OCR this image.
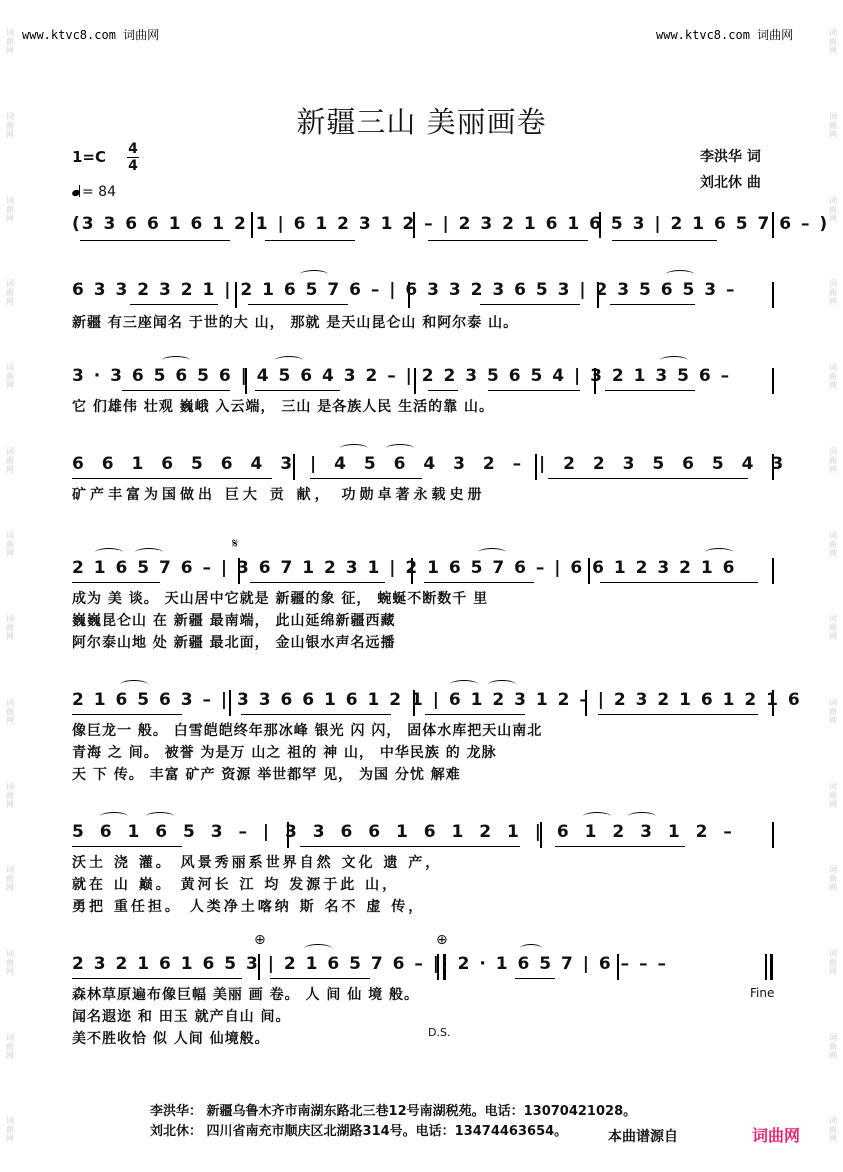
词
曲
网
词
曲
网
词
曲
网
词
曲
网
词
曲
网
词
曲
网
词
曲
网
词
曲
网
词
曲
网
词
曲
网
词
曲
网
词
曲
网
词
曲
网
词
曲
网
词
曲
网
词
曲
网
词
曲
网
词
曲
网
词
曲
网
词
曲
网
词
曲
网
词
曲
网
词
曲
网
词
曲
网
词
曲
网
词
曲
网
词
曲
网
词
曲
网
www.ktvc8.com 词曲网	www.ktvc8.com 词曲网
新疆三山 美丽画卷
李洪华 词
刘北休 曲
1=C 4
4
= 84
(3 3 6 6 1 6 1 2 1 | 6 1 2 3 1 2 – | 2 3 2 1 6 1 6 5 3 | 2 1 6 5 7 6 – )
6 3 3 2 3 2 1 | 2 1 6 5 7 6 – | 6 3 3 2 3 6 5 3 | 2 3 5 6 5 3 –
新疆 有三座闻名 于世的大 山， 那就 是天山昆仑山 和阿尔泰 山。
3 · 3 6 5 6 5 6 | 4 5 6 4 3 2 – | 2 2 3 5 6 5 4 | 3 2 1 3 5 6 –
它 们雄伟 壮观 巍峨 入云端， 三山 是各族人民 生活的靠 山。
6 6 1 6 5 6 4 3 | 4 5 6 4 3 2 – | 2 2 3 5 6 5 4 3
矿产丰富为国做出 巨大 贡 献， 功勋卓著永载史册
𝄋
2 1 6 5 7 6 – | 3 6 7 1 2 3 1 | 2 1 6 5 7 6 – | 6 6 1 2 3 2 1 6
成为 美 谈。 天山居中它就是 新疆的象 征， 蜿蜒不断数千 里
巍巍昆仑山 在 新疆 最南端， 此山延绵新疆西藏
阿尔泰山地 处 新疆 最北面， 金山银水声名远播
2 1 6 5 6 3 – | 3 3 6 6 1 6 1 2 1 | 6 1 2 3 1 2 – | 2 3 2 1 6 1 2 1 6
像巨龙一 般。 白雪皑皑终年那冰峰 银光 闪 闪， 固体水库把天山南北
青海 之 间。 被誉 为是万 山之 祖的 神 山， 中华民族 的 龙脉
天 下 传。 丰富 矿产 资源 举世都罕 见， 为国 分忧 解难
5 6 1 6 5 3 – | 3 3 6 6 1 6 1 2 1 | 6 1 2 3 1 2 –
沃土 浇 灌。 风景秀丽系世界自然 文化 遗 产，
就在 山 巅。 黄河长 江 均 发源于此 山，
勇把 重任担。 人类净土喀纳 斯 名不 虚 传，
⊕	⊕
2 3 2 1 6 1 6 5 3 | 2 1 6 5 7 6 – |: 2 · 1 6 5 7 | 6 – – –
森林草原遍布像巨幅 美丽 画 卷。 人 间 仙 境 般。
闻名遐迩 和 田玉 就产自山 间。
美不胜收恰 似 人间 仙境般。
Fine
D.S.
李洪华： 新疆乌鲁木齐市南湖东路北三巷12号南湖税苑。电话：13070421028。
刘北休： 四川省南充市顺庆区北湖路314号。电话：13474463654。	本曲谱源自	词曲网
